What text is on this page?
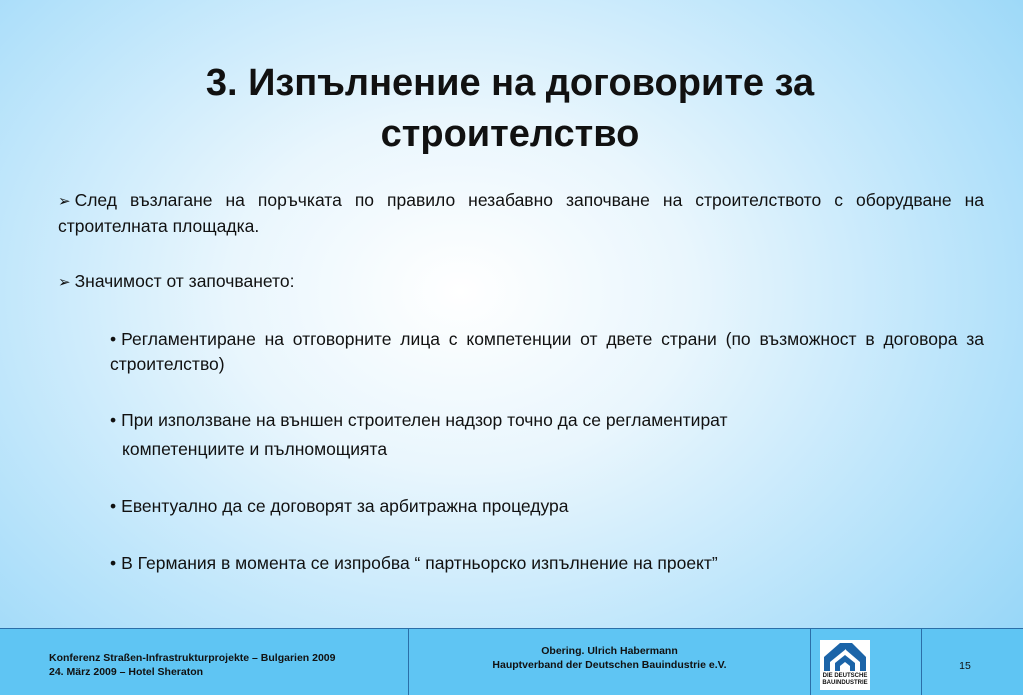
3. Изпълнение на договорите за
строителство
➢ След възлагане на поръчката по правило незабавно започване на строителството с оборудване на строителната площадка.
➢ Значимост от започването:
• Регламентиране на отговорните лица с компетенции от двете страни (по възможност в договора за строителство)
• При използване на външен строителен надзор точно да се регламентират
компетенциите и пълномощията
• Евентуално да се договорят за арбитражна процедура
• В Германия в момента се изпробва “ партньорско изпълнение на проект”
Konferenz Straßen-Infrastrukturprojekte – Bulgarien 2009
24. März 2009 – Hotel Sheraton
Obering. Ulrich Habermann
Hauptverband der Deutschen Bauindustrie e.V.
DIE DEUTSCHE
BAUINDUSTRIE
15
